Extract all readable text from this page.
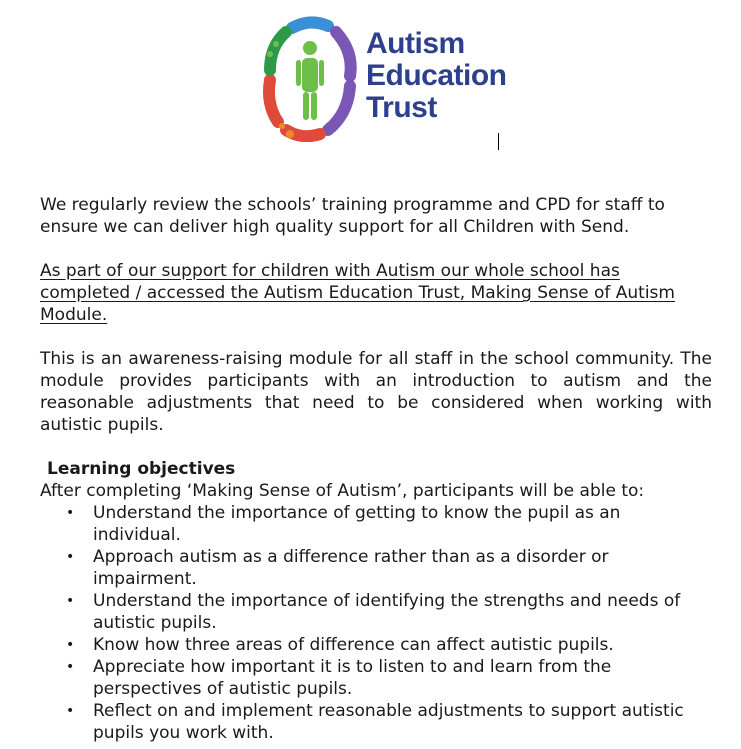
Autism
Education
Trust

We regularly review the schools’ training programme and CPD for staff to ensure we can deliver high quality support for all Children with Send.

As part of our support for children with Autism our whole school has completed / accessed the Autism Education Trust, Making Sense of Autism Module.

This is an awareness-raising module for all staff in the school community. The module provides participants with an introduction to autism and the reasonable adjustments that need to be considered when working with autistic pupils.

Learning objectives

After completing ‘Making Sense of Autism’, participants will be able to:

• Understand the importance of getting to know the pupil as an individual.
• Approach autism as a difference rather than as a disorder or impairment.
• Understand the importance of identifying the strengths and needs of autistic pupils.
• Know how three areas of difference can affect autistic pupils.
• Appreciate how important it is to listen to and learn from the perspectives of autistic pupils.
• Reflect on and implement reasonable adjustments to support autistic pupils you work with.
